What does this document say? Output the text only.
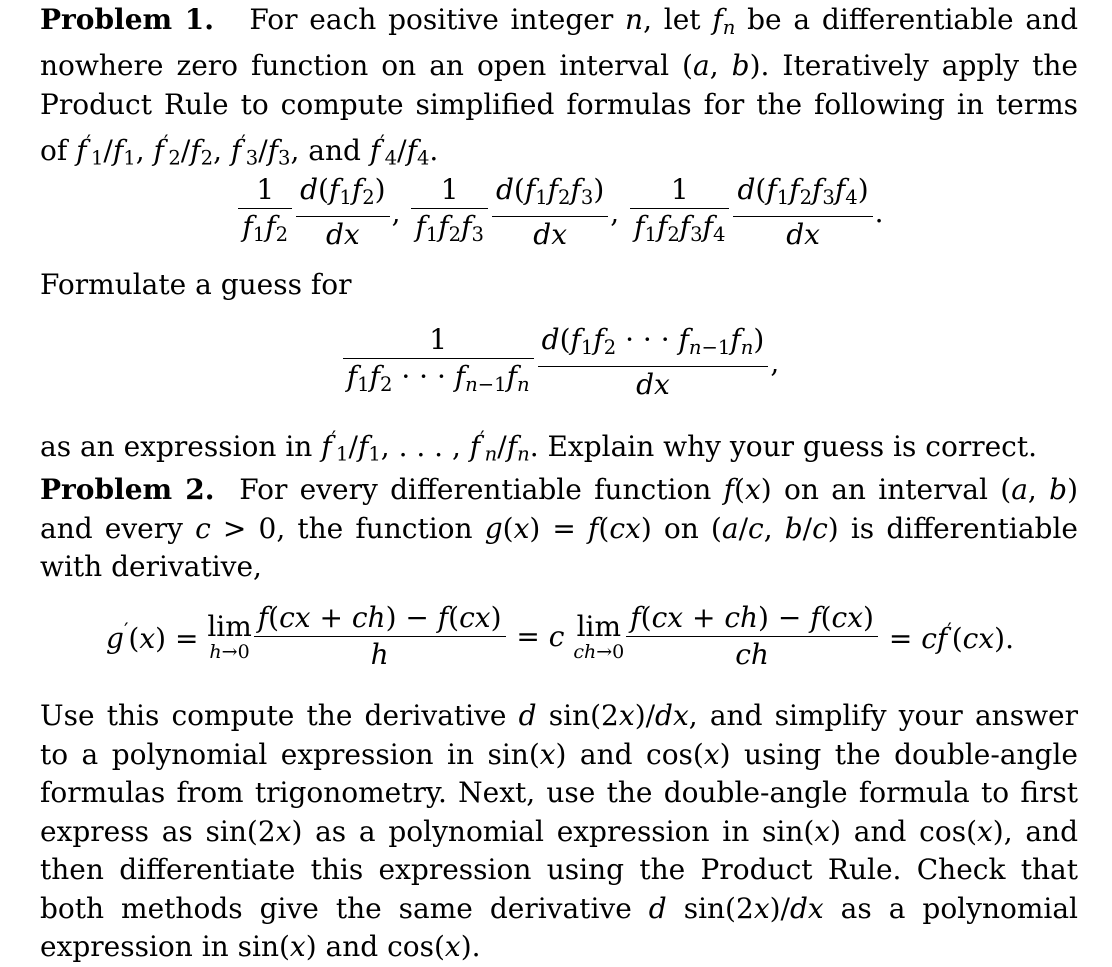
Problem 1.   For each positive integer n, let fn be a differentiable and nowhere zero function on an open interval (a, b). Iteratively apply the Product Rule to compute simplified formulas for the following in terms of $f'_1/f_1$, $f'_2/f_2$, $f'_3/f_3$, and $f'_4/f_4$.

$\frac{1}{f_1f_2} \frac{d(f_1f_2)}{dx}$ , $\frac{1}{f_1f_2f_3} \frac{d(f_1f_2f_3)}{dx}$ , $\frac{1}{f_1f_2f_3f_4} \frac{d(f_1f_2f_3f_4)}{dx}$ .

Formulate a guess for

$\frac{1}{f_1f_2 \cdot \cdot \cdot fn_{-1}fn} \frac{d(f_1f_2 \cdot \cdot \cdot fn_{-1}fn)}{dx}$ ,

as an expression in $f'_1/f_1$, . . . , f′n/fn. Explain why your guess is correct.

Problem 2.  For every differentiable function f(x) on an interval (a, b) and every c > 0, the function g(x) = f(cx) on (a/c, b/c) is differentiable with derivative,

g′(x) = lim
$h\to 0 \frac{f(cx + ch) - f(cx)}{h} = c$ lim
$ch\to 0 \frac{f(cx + ch) - f(cx)}{ch} = cf'(cx)$.

Use this compute the derivative d sin(2x)/dx, and simplify your answer to a polynomial expression in sin(x) and cos(x) using the double-angle formulas from trigonometry. Next, use the double-angle formula to first express as sin(2x) as a polynomial expression in sin(x) and cos(x), and then differentiate this expression using the Product Rule. Check that both methods give the same derivative d sin(2x)/dx as a polynomial expression in sin(x) and cos(x).
